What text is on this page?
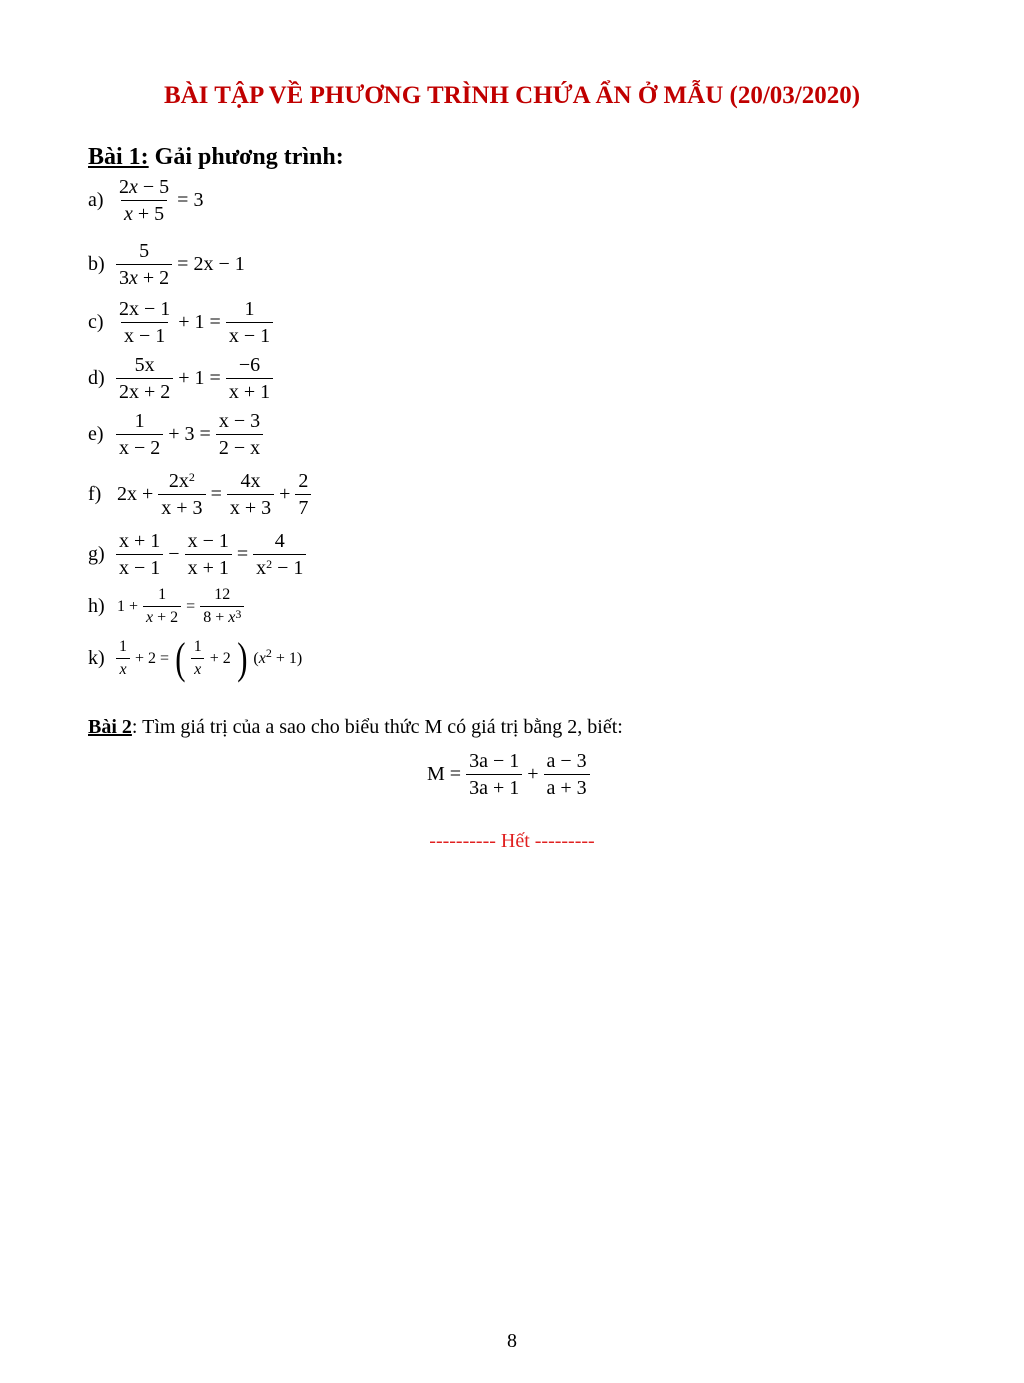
BÀI TẬP VỀ PHƯƠNG TRÌNH CHỨA ẨN Ở MẪU (20/03/2020)
Bài 1: Gải phương trình:
$a) \frac{2x - 5}{x + 5} = 3$
$b) \frac{5}{3x + 2} = 2x - 1$
$c) \frac{2x - 1}{x - 1} + 1 = \frac{1}{x - 1}$
$d) \frac{5x}{2x + 2} + 1 = \frac{-6}{x + 1}$
$e) \frac{1}{x - 2} + 3 = \frac{x - 3}{2 - x}$
f) $2x + \frac{2x^2}{x + 3} = \frac{4x}{x + 3} + \frac{2}{7}$
$g) \frac{x + 1}{x - 1} - \frac{x - 1}{x + 1} = \frac{4}{x^2 - 1}$
h) $1 + \frac{1}{x + 2} = \frac{12}{8 + x^3}$
$k) \frac{1}{x} + 2$ = ( $\frac{1}{x} + 2$ ) $(x^2 + 1)$
Bài 2: Tìm giá trị của a sao cho biểu thức M có giá trị bằng 2, biết:
$M = \frac{3a - 1}{3a + 1} + \frac{a - 3}{a + 3}$
---------- Hết ---------
8
